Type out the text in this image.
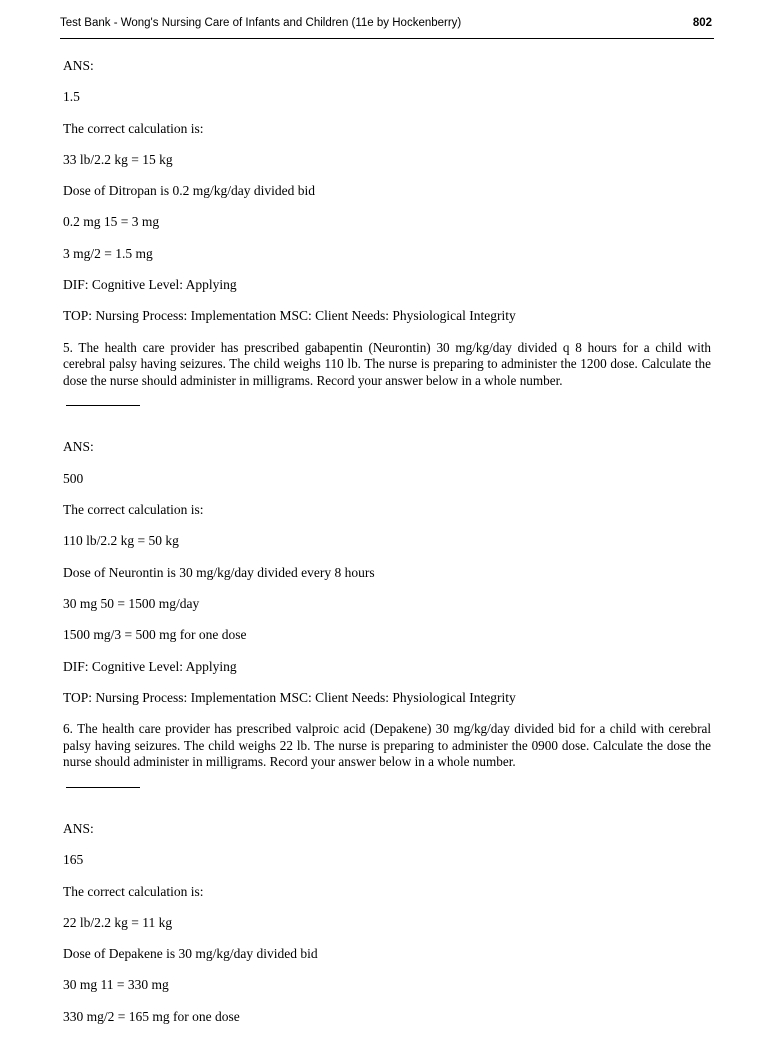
Test Bank - Wong's Nursing Care of Infants and Children (11e by Hockenberry)	802

ANS:

1.5

The correct calculation is:

33 lb/2.2 kg = 15 kg

Dose of Ditropan is 0.2 mg/kg/day divided bid

0.2 mg 15 = 3 mg

3 mg/2 = 1.5 mg

DIF: Cognitive Level: Applying

TOP: Nursing Process: Implementation MSC: Client Needs: Physiological Integrity

5. The health care provider has prescribed gabapentin (Neurontin) 30 mg/kg/day divided q 8 hours for a child with cerebral palsy having seizures. The child weighs 110 lb. The nurse is preparing to administer the 1200 dose. Calculate the dose the nurse should administer in milligrams. Record your answer below in a whole number.

ANS:

500

The correct calculation is:

110 lb/2.2 kg = 50 kg

Dose of Neurontin is 30 mg/kg/day divided every 8 hours

30 mg 50 = 1500 mg/day

1500 mg/3 = 500 mg for one dose

DIF: Cognitive Level: Applying

TOP: Nursing Process: Implementation MSC: Client Needs: Physiological Integrity

6. The health care provider has prescribed valproic acid (Depakene) 30 mg/kg/day divided bid for a child with cerebral palsy having seizures. The child weighs 22 lb. The nurse is preparing to administer the 0900 dose. Calculate the dose the nurse should administer in milligrams. Record your answer below in a whole number.

ANS:

165

The correct calculation is:

22 lb/2.2 kg = 11 kg

Dose of Depakene is 30 mg/kg/day divided bid

30 mg 11 = 330 mg

330 mg/2 = 165 mg for one dose
